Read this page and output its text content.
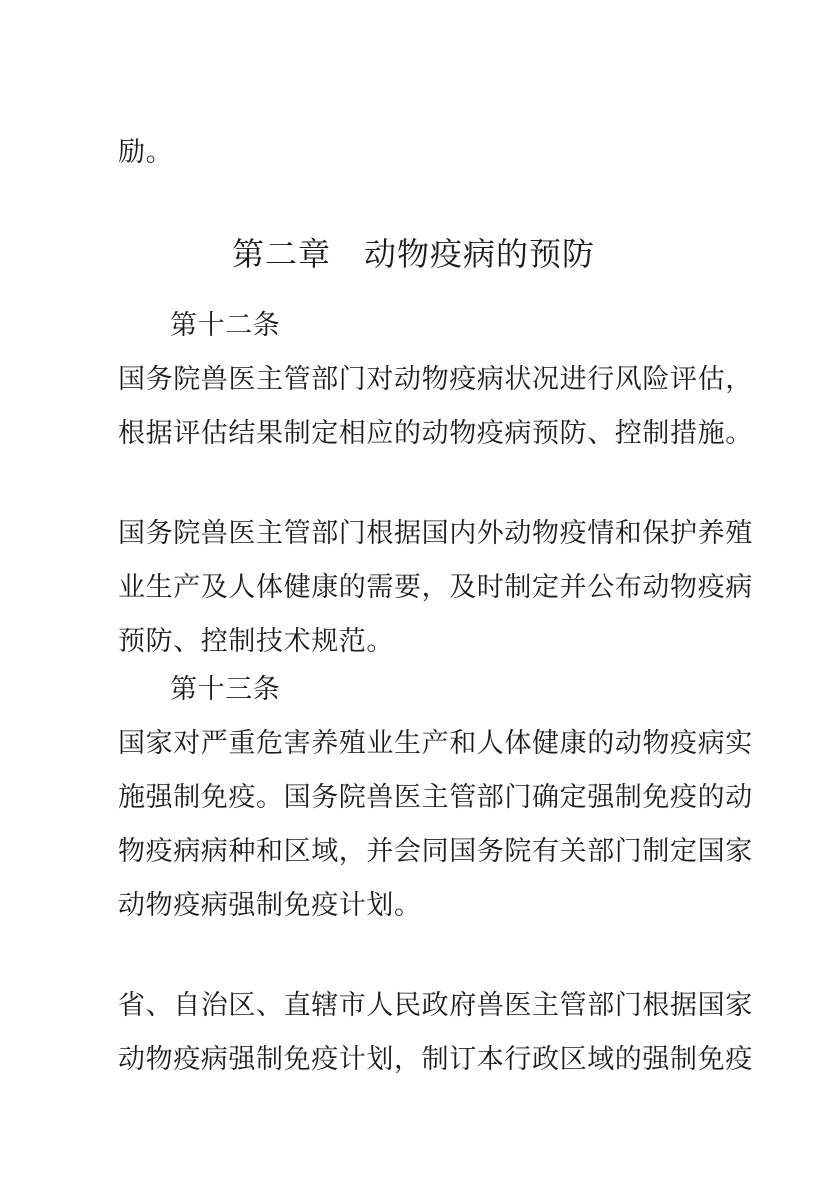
励。
第二章　动物疫病的预防
第十二条
国务院兽医主管部门对动物疫病状况进行风险评估，
根据评估结果制定相应的动物疫病预防、控制措施。
国务院兽医主管部门根据国内外动物疫情和保护养殖
业生产及人体健康的需要，及时制定并公布动物疫病
预防、控制技术规范。
第十三条
国家对严重危害养殖业生产和人体健康的动物疫病实
施强制免疫。国务院兽医主管部门确定强制免疫的动
物疫病病种和区域，并会同国务院有关部门制定国家
动物疫病强制免疫计划。
省、自治区、直辖市人民政府兽医主管部门根据国家
动物疫病强制免疫计划，制订本行政区域的强制免疫
